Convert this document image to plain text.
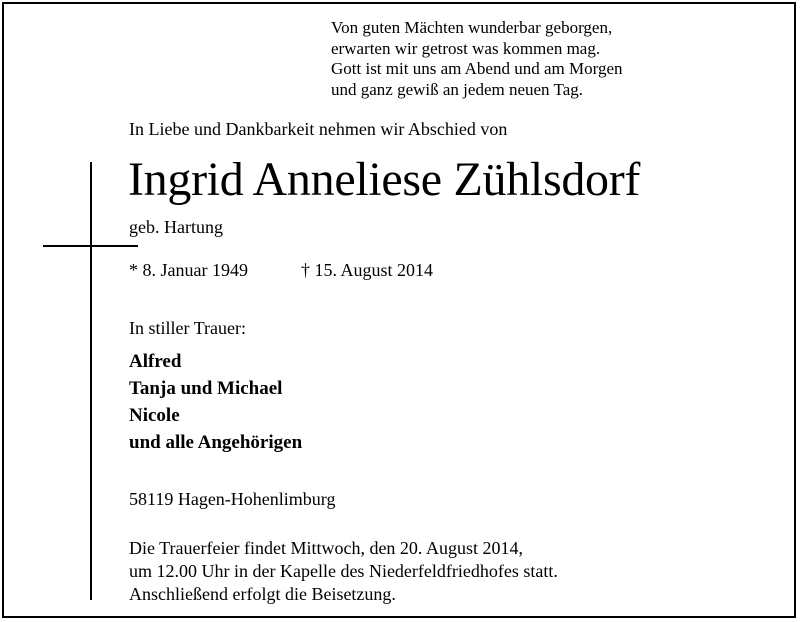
Von guten Mächten wunderbar geborgen,
erwarten wir getrost was kommen mag.
Gott ist mit uns am Abend und am Morgen
und ganz gewiß an jedem neuen Tag.
In Liebe und Dankbarkeit nehmen wir Abschied von
Ingrid Anneliese Zühlsdorf
geb. Hartung
* 8. Januar 1949	† 15. August 2014
In stiller Trauer:
Alfred
Tanja und Michael
Nicole
und alle Angehörigen
58119 Hagen-Hohenlimburg
Die Trauerfeier findet Mittwoch, den 20. August 2014,
um 12.00 Uhr in der Kapelle des Niederfeldfriedhofes statt.
Anschließend erfolgt die Beisetzung.
